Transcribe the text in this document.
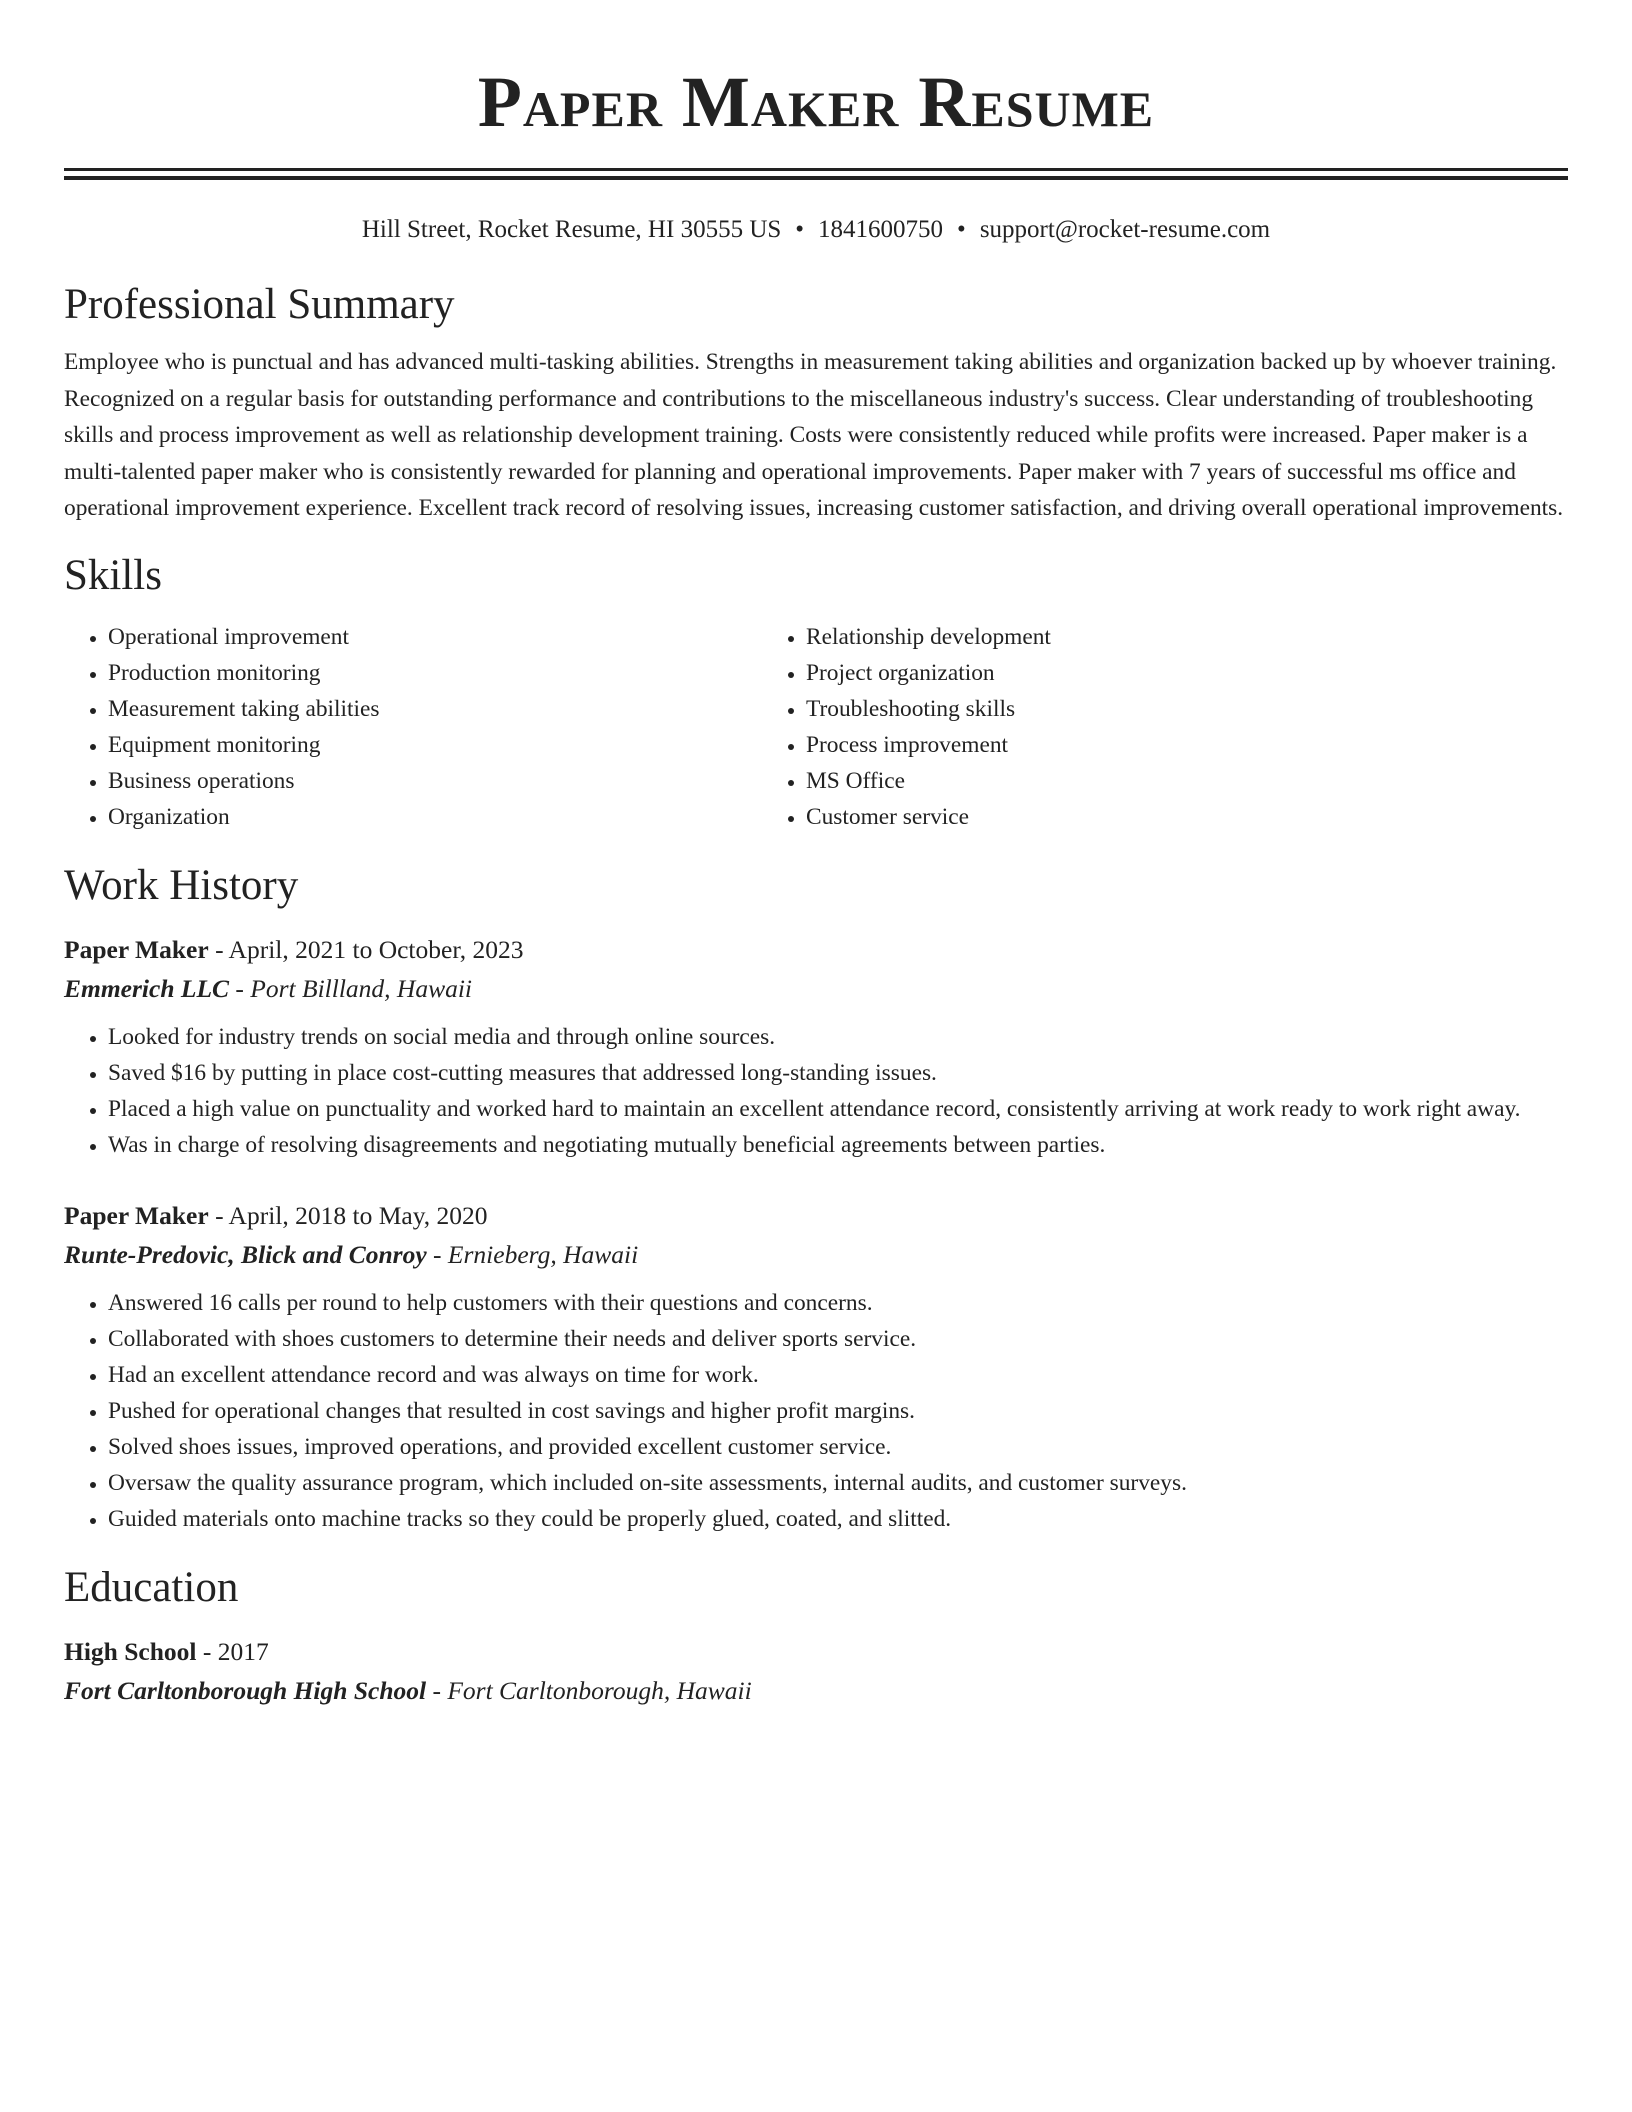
Paper Maker Resume
Hill Street, Rocket Resume, HI 30555 US • 1841600750 • support@rocket-resume.com
Professional Summary

Employee who is punctual and has advanced multi-tasking abilities. Strengths in measurement taking abilities and organization backed up by whoever training. Recognized on a regular basis for outstanding performance and contributions to the miscellaneous industry's success. Clear understanding of troubleshooting skills and process improvement as well as relationship development training. Costs were consistently reduced while profits were increased. Paper maker is a multi-talented paper maker who is consistently rewarded for planning and operational improvements. Paper maker with 7 years of successful ms office and operational improvement experience. Excellent track record of resolving issues, increasing customer satisfaction, and driving overall operational improvements.

Skills
• Operational improvement
• Production monitoring
• Measurement taking abilities
• Equipment monitoring
• Business operations
• Organization
• Relationship development
• Project organization
• Troubleshooting skills
• Process improvement
• MS Office
• Customer service
Work History
Paper Maker - April, 2021 to October, 2023
Emmerich LLC - Port Billland, Hawaii
• Looked for industry trends on social media and through online sources.
• Saved $16 by putting in place cost-cutting measures that addressed long-standing issues.
• Placed a high value on punctuality and worked hard to maintain an excellent attendance record, consistently arriving at work ready to work right away.
• Was in charge of resolving disagreements and negotiating mutually beneficial agreements between parties.
Paper Maker - April, 2018 to May, 2020
Runte-Predovic, Blick and Conroy - Ernieberg, Hawaii
• Answered 16 calls per round to help customers with their questions and concerns.
• Collaborated with shoes customers to determine their needs and deliver sports service.
• Had an excellent attendance record and was always on time for work.
• Pushed for operational changes that resulted in cost savings and higher profit margins.
• Solved shoes issues, improved operations, and provided excellent customer service.
• Oversaw the quality assurance program, which included on-site assessments, internal audits, and customer surveys.
• Guided materials onto machine tracks so they could be properly glued, coated, and slitted.
Education
High School - 2017
Fort Carltonborough High School - Fort Carltonborough, Hawaii
